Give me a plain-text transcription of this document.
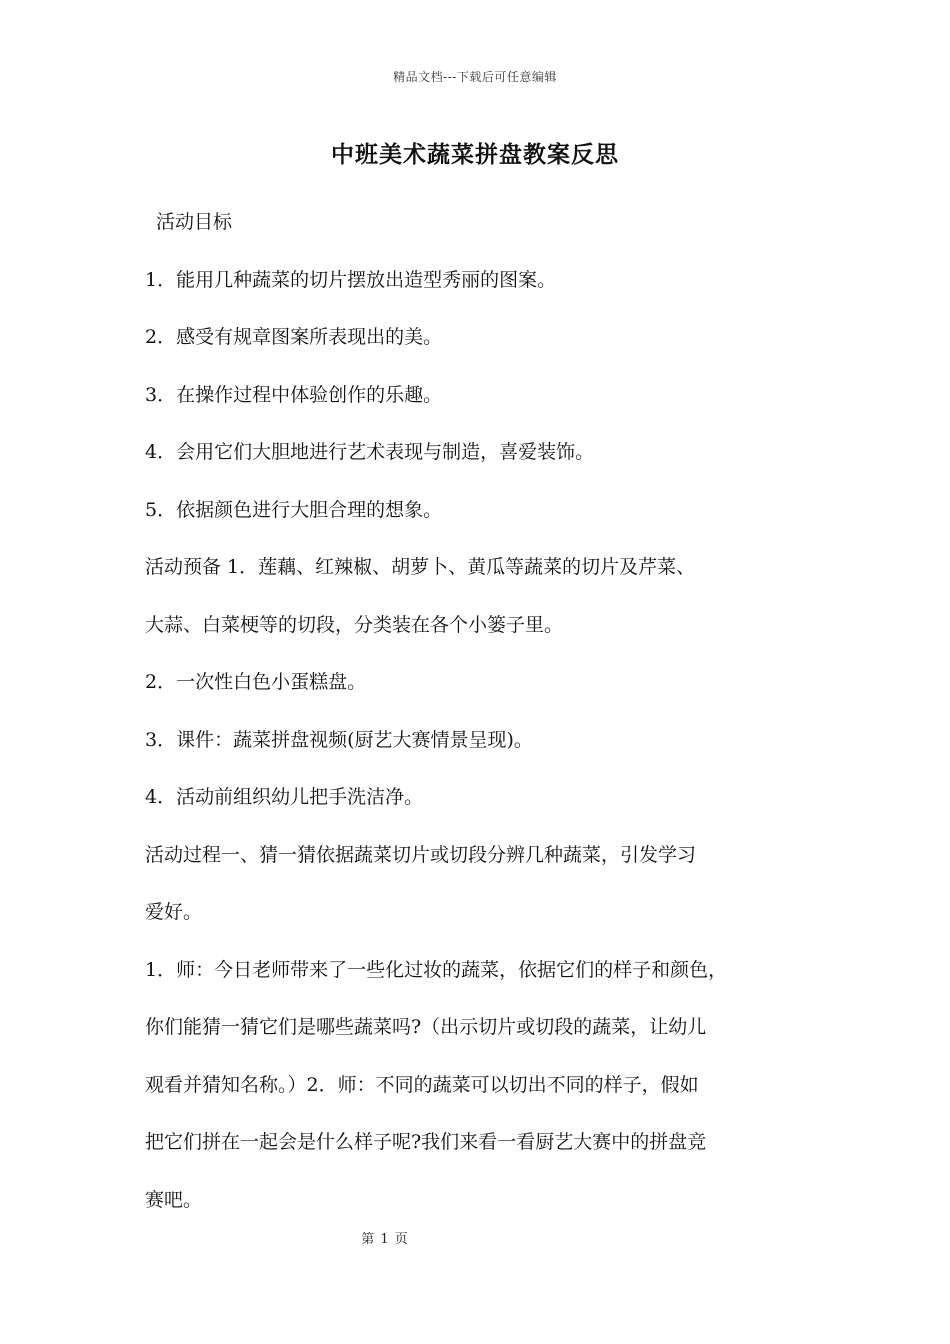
精品文档---下载后可任意编辑
中班美术蔬菜拼盘教案反思

活动目标

1．能用几种蔬菜的切片摆放出造型秀丽的图案。

2．感受有规章图案所表现出的美。

3．在操作过程中体验创作的乐趣。

4．会用它们大胆地进行艺术表现与制造，喜爱装饰。

5．依据颜色进行大胆合理的想象。

活动预备 1．莲藕、红辣椒、胡萝卜、黄瓜等蔬菜的切片及芹菜、

大蒜、白菜梗等的切段，分类装在各个小篓子里。

2．一次性白色小蛋糕盘。

3．课件：蔬菜拼盘视频(厨艺大赛情景呈现)。

4．活动前组织幼儿把手洗洁净。

活动过程一、猜一猜依据蔬菜切片或切段分辨几种蔬菜，引发学习

爱好。

1．师：今日老师带来了一些化过妆的蔬菜，依据它们的样子和颜色，

你们能猜一猜它们是哪些蔬菜吗?（出示切片或切段的蔬菜，让幼儿

观看并猜知名称。）2．师：不同的蔬菜可以切出不同的样子，假如

把它们拼在一起会是什么样子呢?我们来看一看厨艺大赛中的拼盘竞

赛吧。

第 1 页
